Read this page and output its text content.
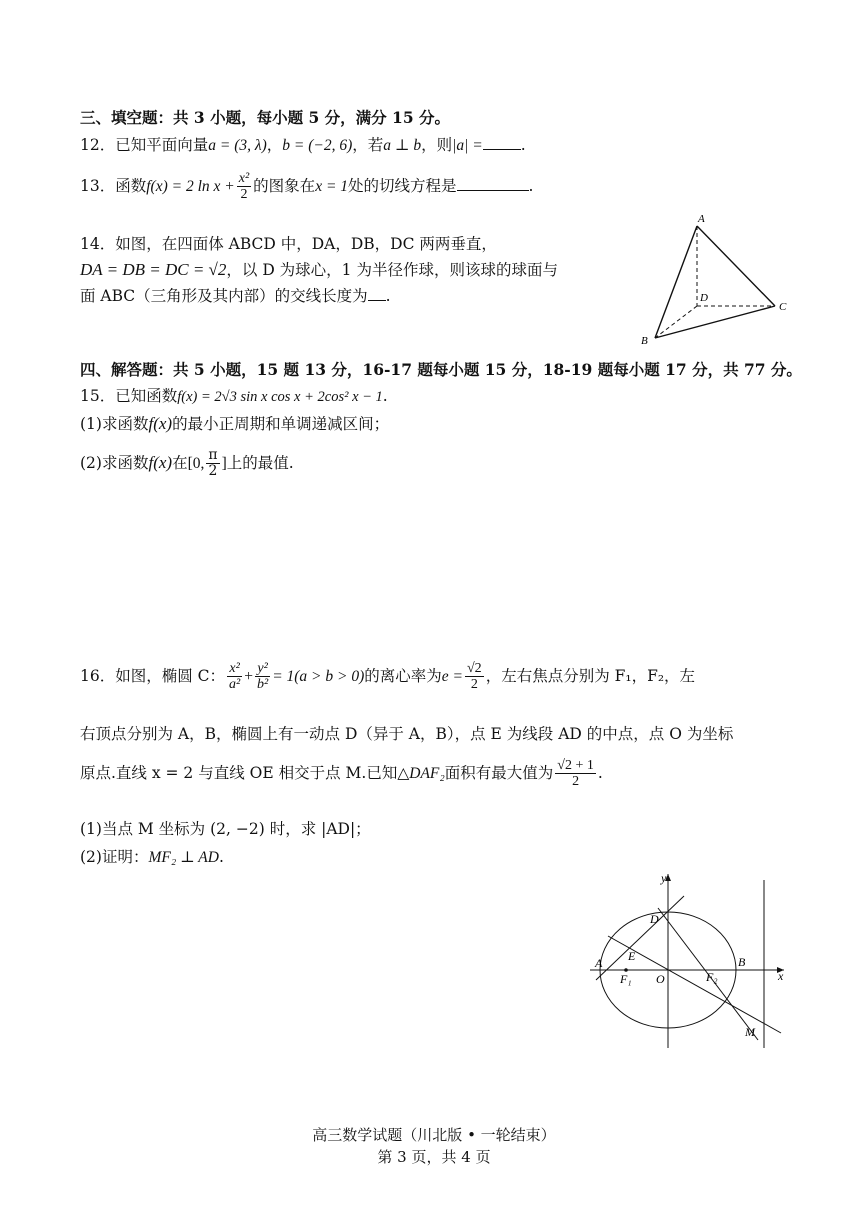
三、填空题：共 3 小题，每小题 5 分，满分 15 分。
12．已知平面向量a = (3, λ)，b = (−2, 6)，若a ⊥ b，则|a| = .
13．函数f(x) = 2 $\ln x + \frac{\text{x²}}{2}$ 的图象在x = 1处的切线方程是	.
14．如图，在四面体 ABCD 中，DA，DB，DC 两两垂直，
DA = DB = DC = √2，以 D 为球心，1 为半径作球，则该球的球面与
面 ABC（三角形及其内部）的交线长度为 .
A
B
C
D
四、解答题：共 5 小题，15 题 13 分，16-17 题每小题 15 分，18-19 题每小题 17 分，共 77 分。
15．已知函数f(x) = 2√3 sin x cos x + 2cos² x − 1.
(1)求函数f(x)的最小正周期和单调递减区间；
(2)求函数f(x)在[0, $\frac{\pi}{2}$ ]上的最值.
16．如图，椭圆 C： $\frac{\text{x²}}{\text{a²}} + \frac{\text{y²}}{\text{b²}} = 1(a > b > 0)$的离心率为$e = \frac{√2}{2}$ ，左右焦点分别为 F₁，F₂，左
右顶点分别为 A，B，椭圆上有一动点 D（异于 A，B），点 E 为线段 AD 的中点，点 O 为坐标
原点.直线 x = 2 与直线 OE 相交于点 M.已知△DAF₂面积有最大值为 $\frac{√2 + 1}{2}$ .
(1)当点 M 坐标为 (2, −2) 时，求 |AD|；
(2)证明：MF₂ ⊥ AD.
y
x
D
E
A	B
O
F₁	F₂
M
高三数学试题（川北版 • 一轮结束）
第 3 页，共 4 页
